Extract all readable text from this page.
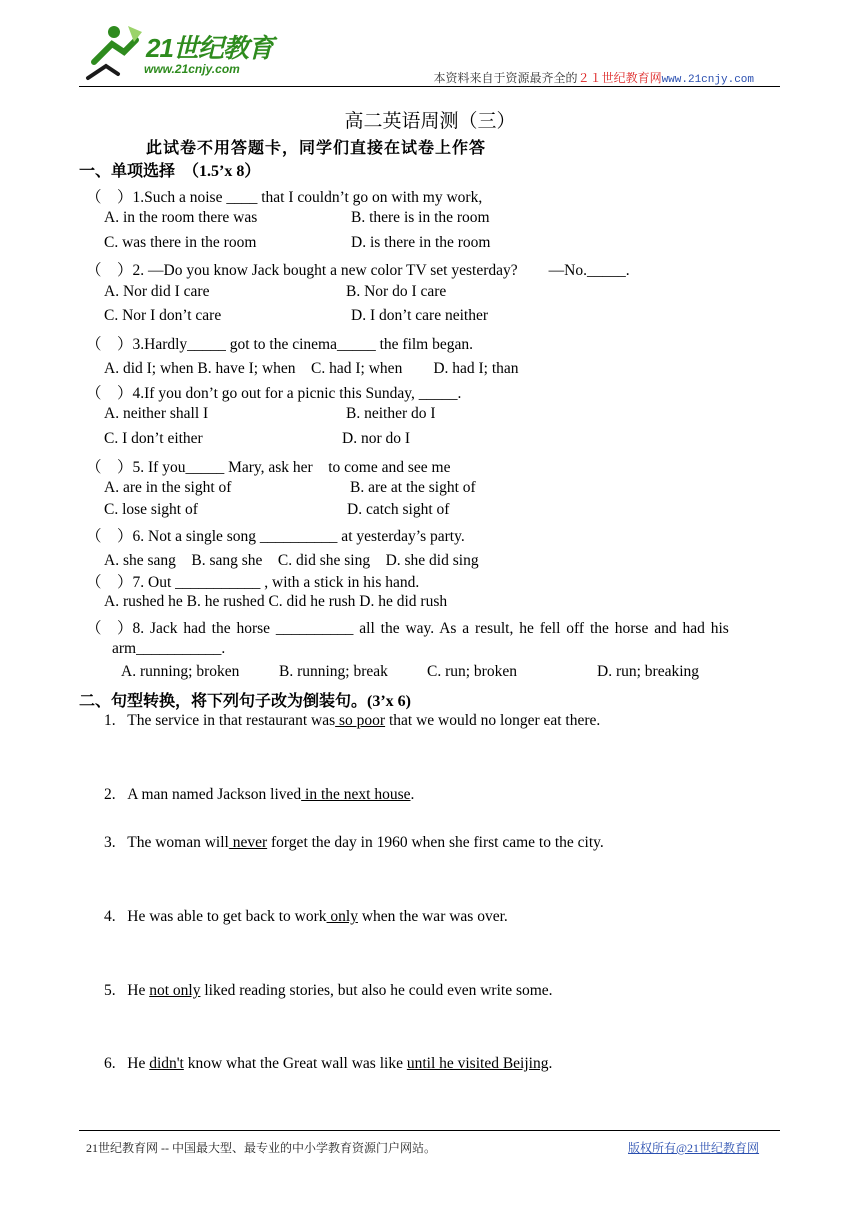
21世纪教育
www.21cnjy.com
本资料来自于资源最齐全的２１世纪教育网www.21cnjy.com
高二英语周测（三）
此试卷不用答题卡，同学们直接在试卷上作答
一、单项选择　（1.5’x 8）
（　）1.Such a noise ____ that I couldn’t go on with my work,
A. in the room there was	B. there is in the room
C. was there in the room	D. is there in the room
（　）2. —Do you know Jack bought a new color TV set yesterday?　　—No._____.
A. Nor did I care	B. Nor do I care
C. Nor I don’t care	D. I don’t care neither
（　）3.Hardly_____ got to the cinema_____ the film began.
A. did I; when B. have I; when　C. had I; when　　D. had I; than
（　）4.If you don’t go out for a picnic this Sunday, _____.
A. neither shall I	B. neither do I
C. I don’t either	D. nor do I
（　）5. If you_____ Mary, ask her　to come and see me
A. are in the sight of	B. are at the sight of
C. lose sight of	D. catch sight of
（　）6. Not a single song __________ at yesterday’s party.
A. she sang　B. sang she　C. did she sing　D. she did sing
（　）7. Out ___________ , with a stick in his hand.
A. rushed he B. he rushed C. did he rush D. he did rush
（　）8. Jack had the horse __________ all the way. As a result, he fell off the horse and had his
arm___________.
A. running; broken	B. running; break	C. run; broken	D. run; breaking
二、句型转换，将下列句子改为倒装句。(3’x 6)
1. The service in that restaurant was so poor that we would no longer eat there.
2. A man named Jackson lived in the next house.
3. The woman will never forget the day in 1960 when she first came to the city.
4. He was able to get back to work only when the war was over.
5. He not only liked reading stories, but also he could even write some.
6. He didn't know what the Great wall was like until he visited Beijing.
21世纪教育网 -- 中国最大型、最专业的中小学教育资源门户网站。	版权所有@21世纪教育网
